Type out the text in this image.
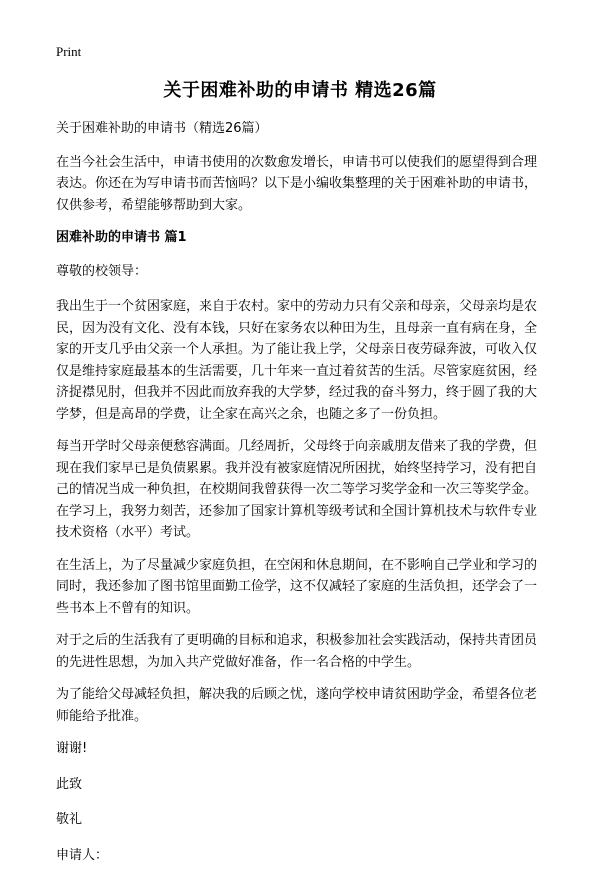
Print
关于困难补助的申请书 精选26篇

关于困难补助的申请书（精选26篇）

在当今社会生活中，申请书使用的次数愈发增长，申请书可以使我们的愿望得到合理表达。你还在为写申请书而苦恼吗？以下是小编收集整理的关于困难补助的申请书，仅供参考，希望能够帮助到大家。

困难补助的申请书 篇1

尊敬的校领导：

我出生于一个贫困家庭，来自于农村。家中的劳动力只有父亲和母亲，父母亲均是农民，因为没有文化、没有本钱，只好在家务农以种田为生，且母亲一直有病在身，全家的开支几乎由父亲一个人承担。为了能让我上学，父母亲日夜劳碌奔波，可收入仅仅是维持家庭最基本的生活需要，几十年来一直过着贫苦的生活。尽管家庭贫困，经济捉襟见肘，但我并不因此而放弃我的大学梦，经过我的奋斗努力，终于圆了我的大学梦，但是高昂的学费，让全家在高兴之余，也随之多了一份负担。

每当开学时父母亲便愁容满面。几经周折，父母终于向亲戚朋友借来了我的学费，但现在我们家早已是负债累累。我并没有被家庭情况所困扰，始终坚持学习，没有把自己的情况当成一种负担，在校期间我曾获得一次二等学习奖学金和一次三等奖学金。在学习上，我努力刻苦，还参加了国家计算机等级考试和全国计算机技术与软件专业技术资格（水平）考试。

在生活上，为了尽量减少家庭负担，在空闲和休息期间，在不影响自己学业和学习的同时，我还参加了图书馆里面勤工俭学，这不仅减轻了家庭的生活负担，还学会了一些书本上不曾有的知识。

对于之后的生活我有了更明确的目标和追求，积极参加社会实践活动，保持共青团员的先进性思想，为加入共产党做好准备，作一名合格的中学生。

为了能给父母减轻负担，解决我的后顾之忧，遂向学校申请贫困助学金，希望各位老师能给予批准。

谢谢!

此致

敬礼

申请人：
